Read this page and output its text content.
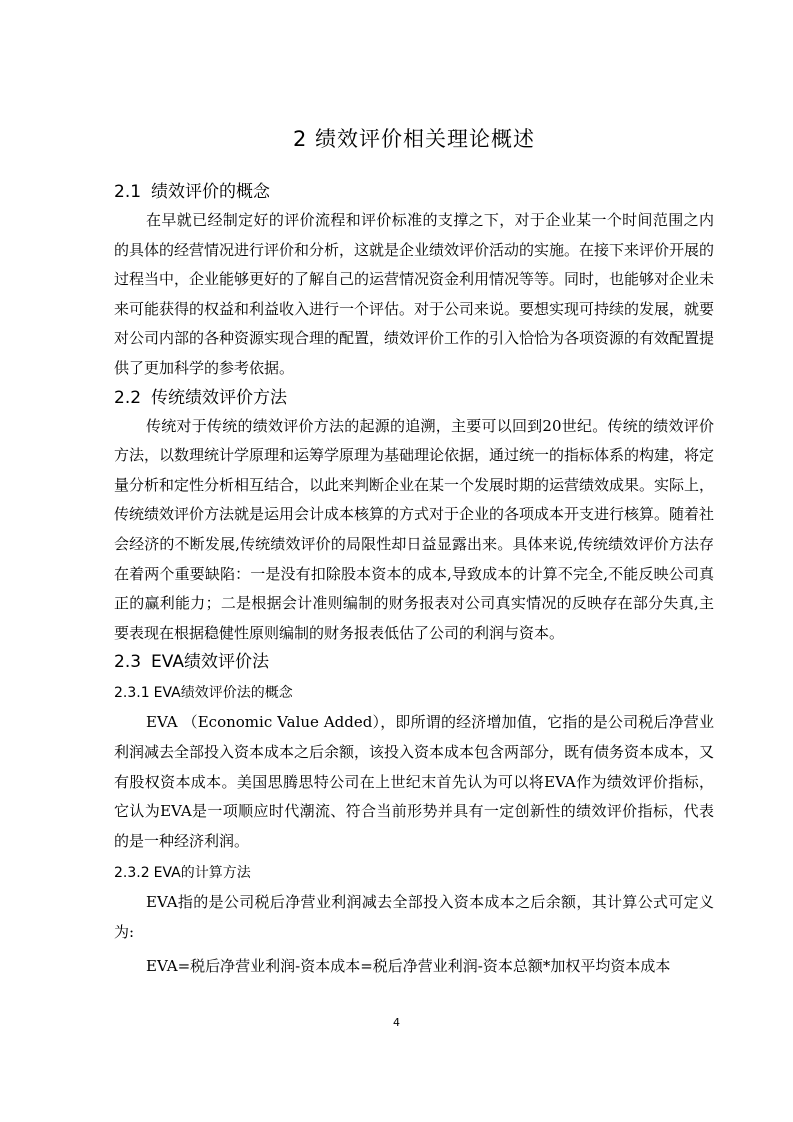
2 绩效评价相关理论概述
2.1 绩效评价的概念

在早就已经制定好的评价流程和评价标准的支撑之下，对于企业某一个时间范围之内的具体的经营情况进行评价和分析，这就是企业绩效评价活动的实施。在接下来评价开展的过程当中，企业能够更好的了解自己的运营情况资金利用情况等等。同时，也能够对企业未来可能获得的权益和利益收入进行一个评估。对于公司来说。要想实现可持续的发展，就要对公司内部的各种资源实现合理的配置，绩效评价工作的引入恰恰为各项资源的有效配置提供了更加科学的参考依据。

2.2 传统绩效评价方法

传统对于传统的绩效评价方法的起源的追溯，主要可以回到20世纪。传统的绩效评价方法，以数理统计学原理和运筹学原理为基础理论依据，通过统一的指标体系的构建，将定量分析和定性分析相互结合，以此来判断企业在某一个发展时期的运营绩效成果。实际上，传统绩效评价方法就是运用会计成本核算的方式对于企业的各项成本开支进行核算。随着社会经济的不断发展,传统绩效评价的局限性却日益显露出来。具体来说,传统绩效评价方法存在着两个重要缺陷：一是没有扣除股本资本的成本,导致成本的计算不完全,不能反映公司真正的赢利能力；二是根据会计准则编制的财务报表对公司真实情况的反映存在部分失真,主要表现在根据稳健性原则编制的财务报表低估了公司的利润与资本。

2.3 EVA绩效评价法
2.3.1 EVA绩效评价法的概念

EVA （Economic Value Added），即所谓的经济增加值，它指的是公司税后净营业利润减去全部投入资本成本之后余额，该投入资本成本包含两部分，既有债务资本成本，又有股权资本成本。美国思腾思特公司在上世纪末首先认为可以将EVA作为绩效评价指标，它认为EVA是一项顺应时代潮流、符合当前形势并具有一定创新性的绩效评价指标，代表的是一种经济利润。

2.3.2 EVA的计算方法

EVA指的是公司税后净营业利润减去全部投入资本成本之后余额，其计算公式可定义为:

EVA=税后净营业利润-资本成本=税后净营业利润-资本总额*加权平均资本成本

4
